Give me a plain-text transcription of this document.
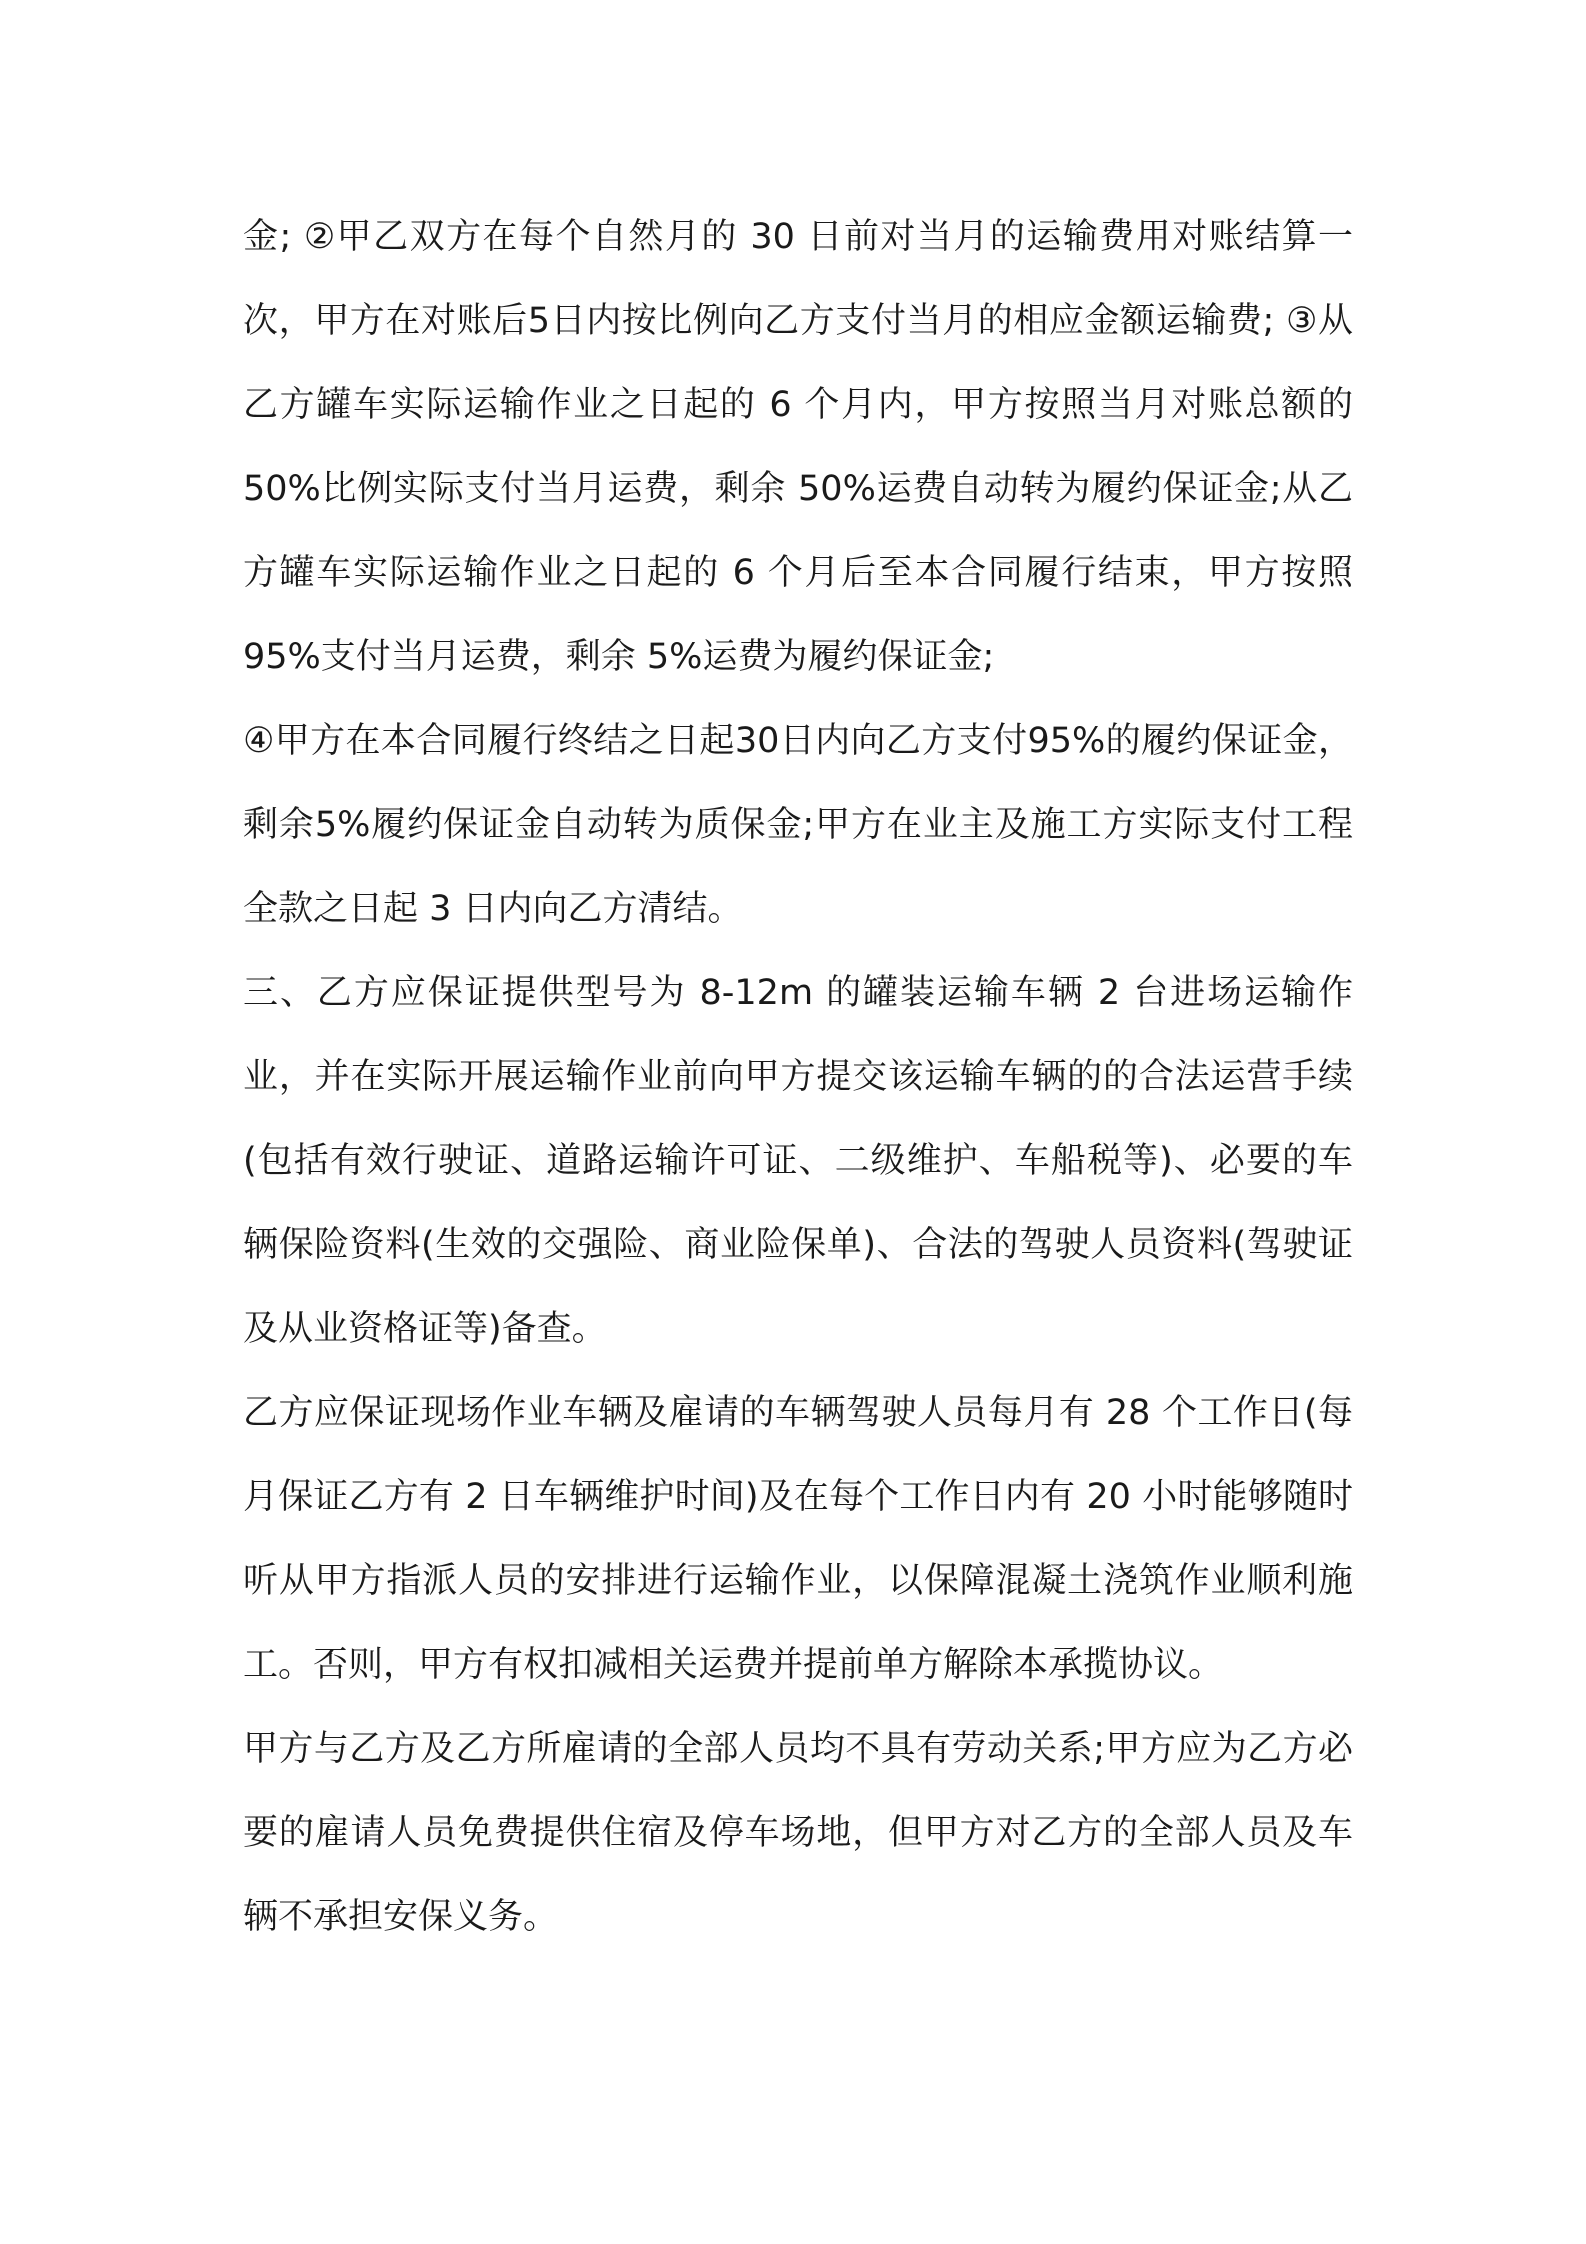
金; ②甲乙双方在每个自然月的 30 日前对当月的运输费用对账结算一次，甲方在对账后5日内按比例向乙方支付当月的相应金额运输费; ③从乙方罐车实际运输作业之日起的 6 个月内，甲方按照当月对账总额的 50%比例实际支付当月运费，剩余 50%运费自动转为履约保证金;从乙方罐车实际运输作业之日起的 6 个月后至本合同履行结束，甲方按照 95%支付当月运费，剩余 5%运费为履约保证金;

④甲方在本合同履行终结之日起30日内向乙方支付95%的履约保证金，剩余5%履约保证金自动转为质保金;甲方在业主及施工方实际支付工程全款之日起 3 日内向乙方清结。

三、乙方应保证提供型号为 8-12m 的罐装运输车辆 2 台进场运输作业，并在实际开展运输作业前向甲方提交该运输车辆的的合法运营手续(包括有效行驶证、道路运输许可证、二级维护、车船税等)、必要的车辆保险资料(生效的交强险、商业险保单)、合法的驾驶人员资料(驾驶证及从业资格证等)备查。

乙方应保证现场作业车辆及雇请的车辆驾驶人员每月有 28 个工作日(每月保证乙方有 2 日车辆维护时间)及在每个工作日内有 20 小时能够随时听从甲方指派人员的安排进行运输作业，以保障混凝土浇筑作业顺利施工。否则，甲方有权扣减相关运费并提前单方解除本承揽协议。

甲方与乙方及乙方所雇请的全部人员均不具有劳动关系;甲方应为乙方必要的雇请人员免费提供住宿及停车场地，但甲方对乙方的全部人员及车辆不承担安保义务。
